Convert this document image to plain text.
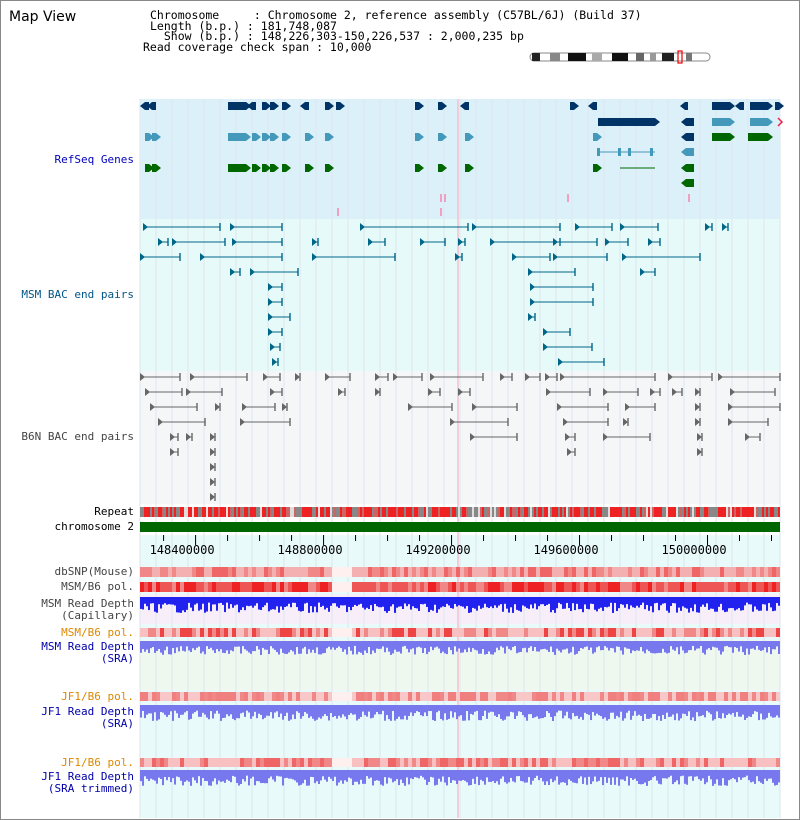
Map View	Chromosome     : Chromosome 2, reference assembly (C57BL/6J) (Build 37)
Length (b.p.) : 181,748,087
Show (b.p.) : 148,226,303-150,226,537 : 2,000,235 bp
Read coverage check span : 10,000
RefSeq Genes
MSM BAC end pairs
B6N BAC end pairs
Repeat
chromosome 2
dbSNP(Mouse)
MSM/B6 pol.
MSM Read Depth
(Capillary)
MSM/B6 pol.
MSM Read Depth
(SRA)
JF1/B6 pol.
JF1 Read Depth
(SRA)
JF1/B6 pol.
JF1 Read Depth
(SRA trimmed)
148400000	148800000	149200000	149600000	150000000
